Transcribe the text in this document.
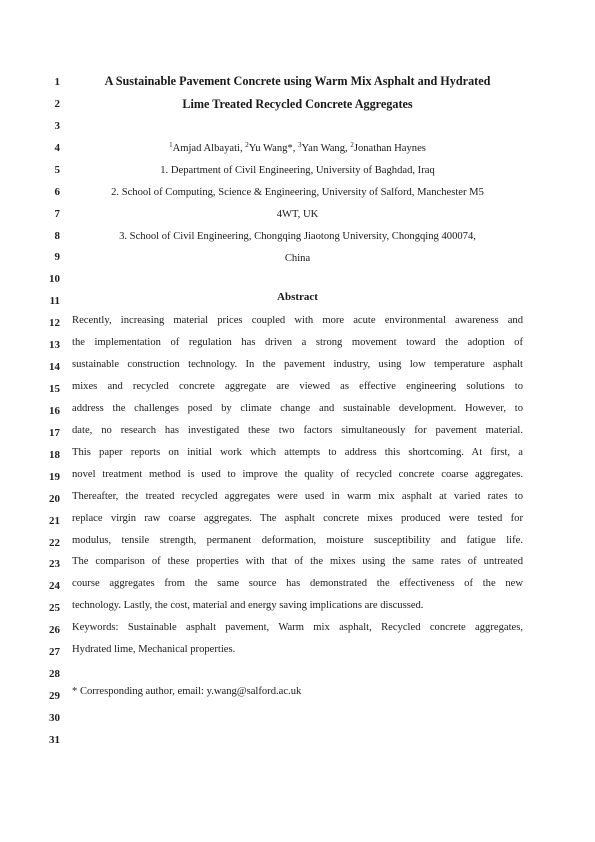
1
2
3
4
5
6
7
8
9
10
11
12
13
14
15
16
17
18
19
20
21
22
23
24
25
26
27
28
29
30
31
A Sustainable Pavement Concrete using Warm Mix Asphalt and Hydrated
Lime Treated Recycled Concrete Aggregates
$^1$Amjad Albayati, $^2$Yu Wang*, $^3$Yan Wang, $^2$Jonathan Haynes
1. Department of Civil Engineering, University of Baghdad, Iraq
2. School of Computing, Science & Engineering, University of Salford, Manchester M5
4WT, UK
3. School of Civil Engineering, Chongqing Jiaotong University, Chongqing 400074,
China
Abstract
Recently, increasing material prices coupled with more acute environmental awareness and
the implementation of regulation has driven a strong movement toward the adoption of
sustainable construction technology. In the pavement industry, using low temperature asphalt
mixes and recycled concrete aggregate are viewed as effective engineering solutions to
address the challenges posed by climate change and sustainable development. However, to
date, no research has investigated these two factors simultaneously for pavement material.
This paper reports on initial work which attempts to address this shortcoming. At first, a
novel treatment method is used to improve the quality of recycled concrete coarse aggregates.
Thereafter, the treated recycled aggregates were used in warm mix asphalt at varied rates to
replace virgin raw coarse aggregates. The asphalt concrete mixes produced were tested for
modulus, tensile strength, permanent deformation, moisture susceptibility and fatigue life.
The comparison of these properties with that of the mixes using the same rates of untreated
course aggregates from the same source has demonstrated the effectiveness of the new
technology. Lastly, the cost, material and energy saving implications are discussed.
Keywords: Sustainable asphalt pavement, Warm mix asphalt, Recycled concrete aggregates,
Hydrated lime, Mechanical properties.
* Corresponding author, email: y.wang@salford.ac.uk
